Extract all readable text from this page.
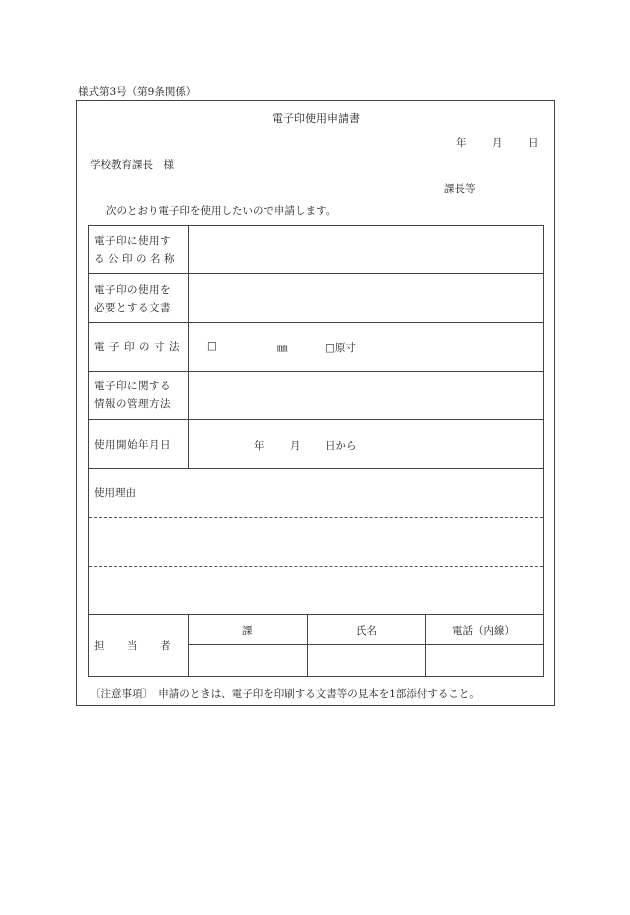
様式第3号（第9条関係）
電子印使用申請書
年 月 日
学校教育課長　様
課長等
次のとおり電子印を使用したいので申請します。
電子印に使用す
る公印の名称
電子印の使用を
必要とする文書
電子印の寸法 □	㎜	□原寸
電子印に関する
情報の管理方法
使用開始年月日	年 月 日から
使用理由
担　当　者
課	氏名	電話（内線）
〔注意事項〕　申請のときは、電子印を印刷する文書等の見本を1部添付すること。
